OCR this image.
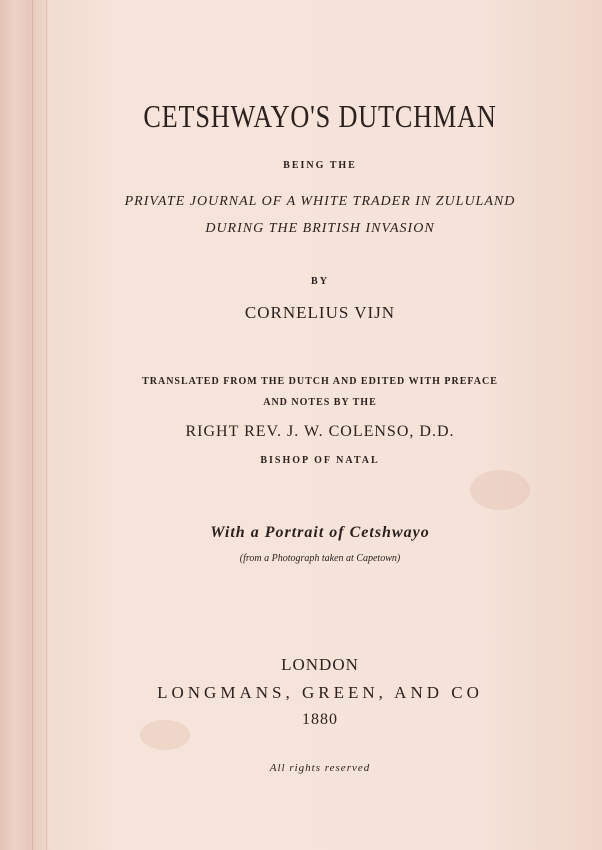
CETSHWAYO'S DUTCHMAN
BEING THE
PRIVATE JOURNAL OF A WHITE TRADER IN ZULULAND
DURING THE BRITISH INVASION
BY
CORNELIUS VIJN
TRANSLATED FROM THE DUTCH AND EDITED WITH PREFACE
AND NOTES BY THE
RIGHT REV. J. W. COLENSO, D.D.
BISHOP OF NATAL
With a Portrait of Cetshwayo
(from a Photograph taken at Capetown)
LONDON
LONGMANS, GREEN, AND CO
1880
All rights reserved
